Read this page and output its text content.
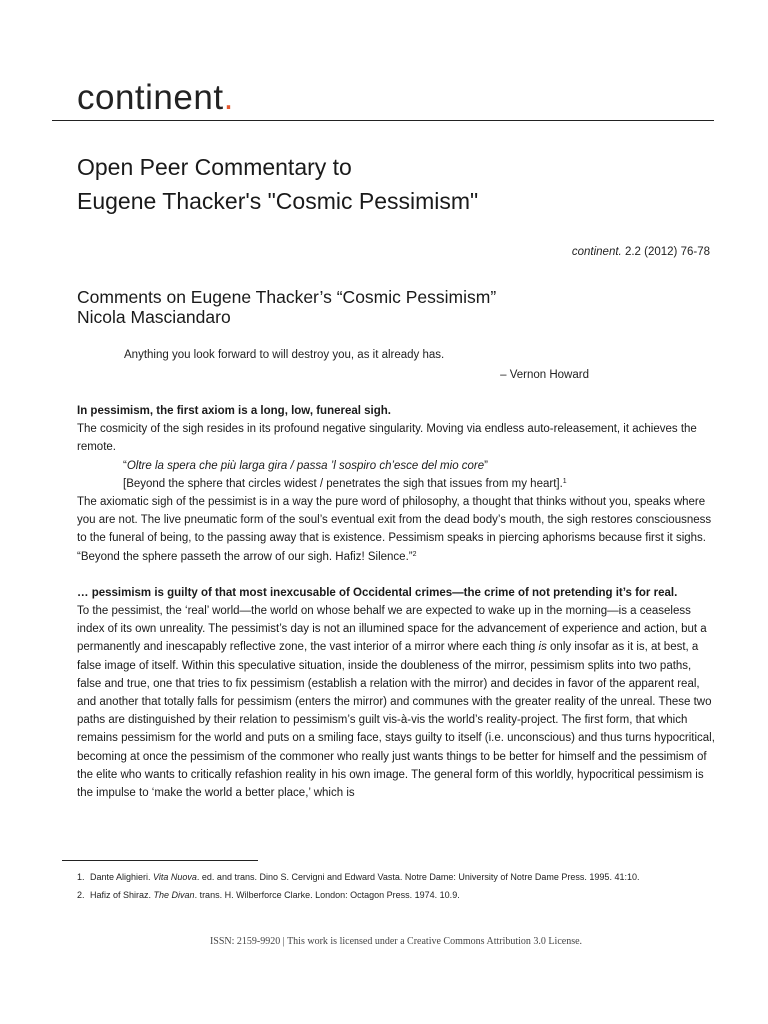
continent.
Open Peer Commentary to
Eugene Thacker's "Cosmic Pessimism"
continent. 2.2 (2012) 76-78
Comments on Eugene Thacker’s “Cosmic Pessimism”
Nicola Masciandaro
Anything you look forward to will destroy you, as it already has.
– Vernon Howard

In pessimism, the first axiom is a long, low, funereal sigh.

The cosmicity of the sigh resides in its profound negative singularity. Moving via endless auto-releasement, it achieves the remote.

“Oltre la spera che più larga gira / passa ’l sospiro ch’esce del mio core”

[Beyond the sphere that circles widest / penetrates the sigh that issues from my heart].$^1$

The axiomatic sigh of the pessimist is in a way the pure word of philosophy, a thought that thinks without you, speaks where you are not. The live pneumatic form of the soul’s eventual exit from the dead body’s mouth, the sigh restores consciousness to the funeral of being, to the passing away that is existence. Pessimism speaks in piercing aphorisms because first it sighs. “Beyond the sphere passeth the arrow of our sigh. Hafiz! Silence.”$^2$

… pessimism is guilty of that most inexcusable of Occidental crimes—the crime of not pretending it’s for real.

To the pessimist, the ‘real’ world—the world on whose behalf we are expected to wake up in the morning—is a ceaseless index of its own unreality. The pessimist’s day is not an illumined space for the advancement of experience and action, but a permanently and inescapably reflective zone, the vast interior of a mirror where each thing is only insofar as it is, at best, a false image of itself. Within this speculative situation, inside the doubleness of the mirror, pessimism splits into two paths, false and true, one that tries to fix pessimism (establish a relation with the mirror) and decides in favor of the apparent real, and another that totally falls for pessimism (enters the mirror) and communes with the greater reality of the unreal. These two paths are distinguished by their relation to pessimism’s guilt vis-à-vis the world’s reality-project. The first form, that which remains pessimism for the world and puts on a smiling face, stays guilty to itself (i.e. unconscious) and thus turns hypocritical, becoming at once the pessimism of the commoner who really just wants things to be better for himself and the pessimism of the elite who wants to critically refashion reality in his own image. The general form of this worldly, hypocritical pessimism is the impulse to ‘make the world a better place,’ which is

1. Dante Alighieri. Vita Nuova. ed. and trans. Dino S. Cervigni and Edward Vasta. Notre Dame: University of Notre Dame Press. 1995. 41:10.

2. Hafiz of Shiraz. The Divan. trans. H. Wilberforce Clarke. London: Octagon Press. 1974. 10.9.

ISSN: 2159-9920 | This work is licensed under a Creative Commons Attribution 3.0 License.
